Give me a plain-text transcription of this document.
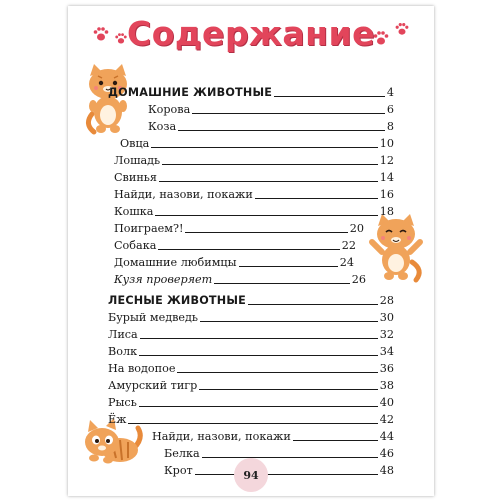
Содержание
ДОМАШНИЕ ЖИВОТНЫЕ	4
Корова	6
Коза	8
Овца	10
Лошадь	12
Свинья	14
Найди, назови, покажи	16
Кошка	18
Поиграем?!	20
Собака	22
Домашние любимцы	24
Кузя проверяет	26
ЛЕСНЫЕ ЖИВОТНЫЕ	28
Бурый медведь	30
Лиса	32
Волк	34
На водопое	36
Амурский тигр	38
Рысь	40
Ёж	42
Найди, назови, покажи	44
Белка	46
Крот	48
94
